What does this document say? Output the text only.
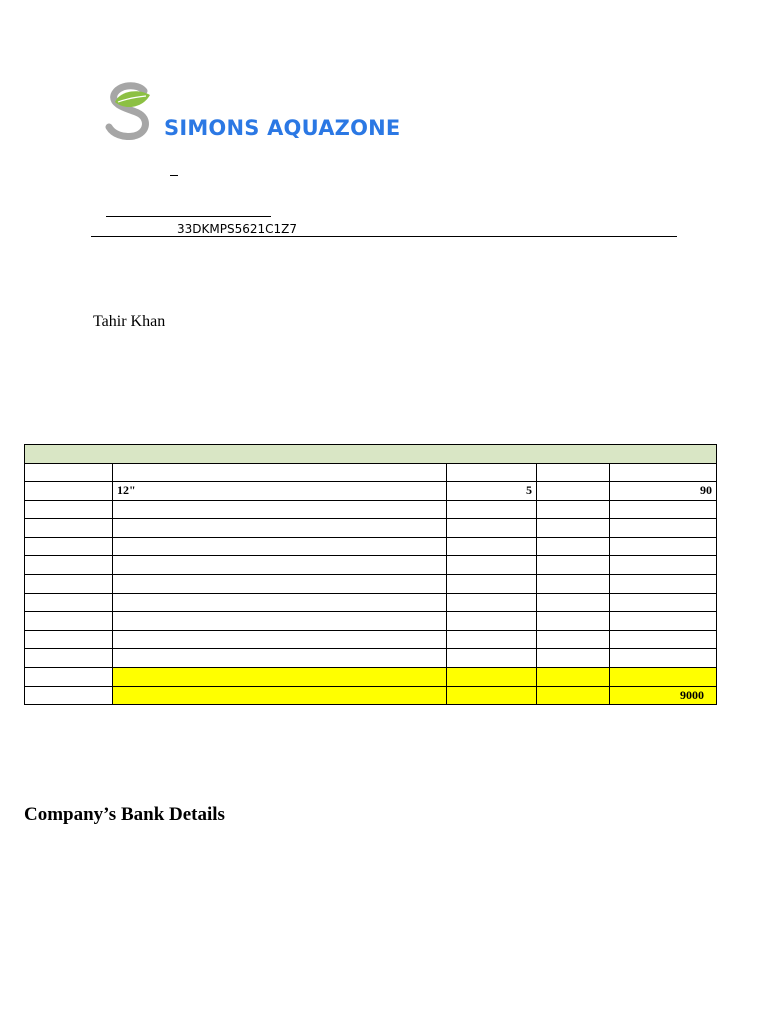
SIMONS AQUAZONE
33DKMPS5621C1Z7
Tahir Khan

	12"	5		90

				9000
Company’s Bank Details
